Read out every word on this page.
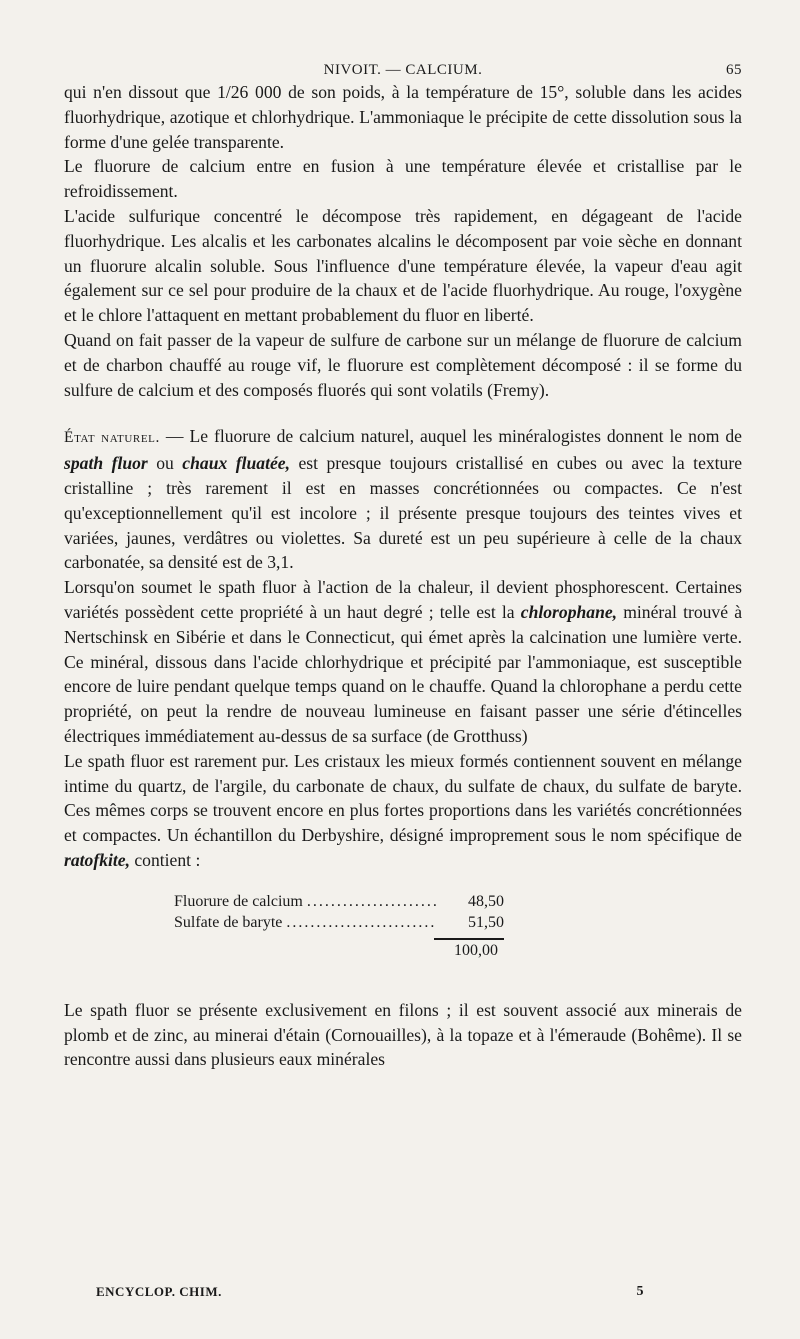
NIVOIT. — CALCIUM.	65

qui n'en dissout que 1/26 000 de son poids, à la température de 15°, soluble dans les acides fluorhydrique, azotique et chlorhydrique. L'ammoniaque le précipite de cette dissolution sous la forme d'une gelée transparente.

Le fluorure de calcium entre en fusion à une température élevée et cristallise par le refroidissement.

L'acide sulfurique concentré le décompose très rapidement, en dégageant de l'acide fluorhydrique. Les alcalis et les carbonates alcalins le décomposent par voie sèche en donnant un fluorure alcalin soluble. Sous l'influence d'une température élevée, la vapeur d'eau agit également sur ce sel pour produire de la chaux et de l'acide fluorhydrique. Au rouge, l'oxygène et le chlore l'attaquent en mettant probablement du fluor en liberté.

Quand on fait passer de la vapeur de sulfure de carbone sur un mélange de fluorure de calcium et de charbon chauffé au rouge vif, le fluorure est complètement décomposé : il se forme du sulfure de calcium et des composés fluorés qui sont volatils (Fremy).

État naturel. — Le fluorure de calcium naturel, auquel les minéralogistes donnent le nom de spath fluor ou chaux fluatée, est presque toujours cristallisé en cubes ou avec la texture cristalline ; très rarement il est en masses concrétionnées ou compactes. Ce n'est qu'exceptionnellement qu'il est incolore ; il présente presque toujours des teintes vives et variées, jaunes, verdâtres ou violettes. Sa dureté est un peu supérieure à celle de la chaux carbonatée, sa densité est de 3,1.

Lorsqu'on soumet le spath fluor à l'action de la chaleur, il devient phosphorescent. Certaines variétés possèdent cette propriété à un haut degré ; telle est la chlorophane, minéral trouvé à Nertschinsk en Sibérie et dans le Connecticut, qui émet après la calcination une lumière verte. Ce minéral, dissous dans l'acide chlorhydrique et précipité par l'ammoniaque, est susceptible encore de luire pendant quelque temps quand on le chauffe. Quand la chlorophane a perdu cette propriété, on peut la rendre de nouveau lumineuse en faisant passer une série d'étincelles électriques immédiatement au-dessus de sa surface (de Grotthuss)

Le spath fluor est rarement pur. Les cristaux les mieux formés contiennent souvent en mélange intime du quartz, de l'argile, du carbonate de chaux, du sulfate de chaux, du sulfate de baryte. Ces mêmes corps se trouvent encore en plus fortes proportions dans les variétés concrétionnées et compactes. Un échantillon du Derbyshire, désigné improprement sous le nom spécifique de ratofkite, contient :

Fluorure de calcium . . .	48,50
Sulfate de baryte . . .	51,50
100,00

Le spath fluor se présente exclusivement en filons ; il est souvent associé aux minerais de plomb et de zinc, au minerai d'étain (Cornouailles), à la topaze et à l'émeraude (Bohême). Il se rencontre aussi dans plusieurs eaux minérales

ENCYCLOP. CHIM.	5
